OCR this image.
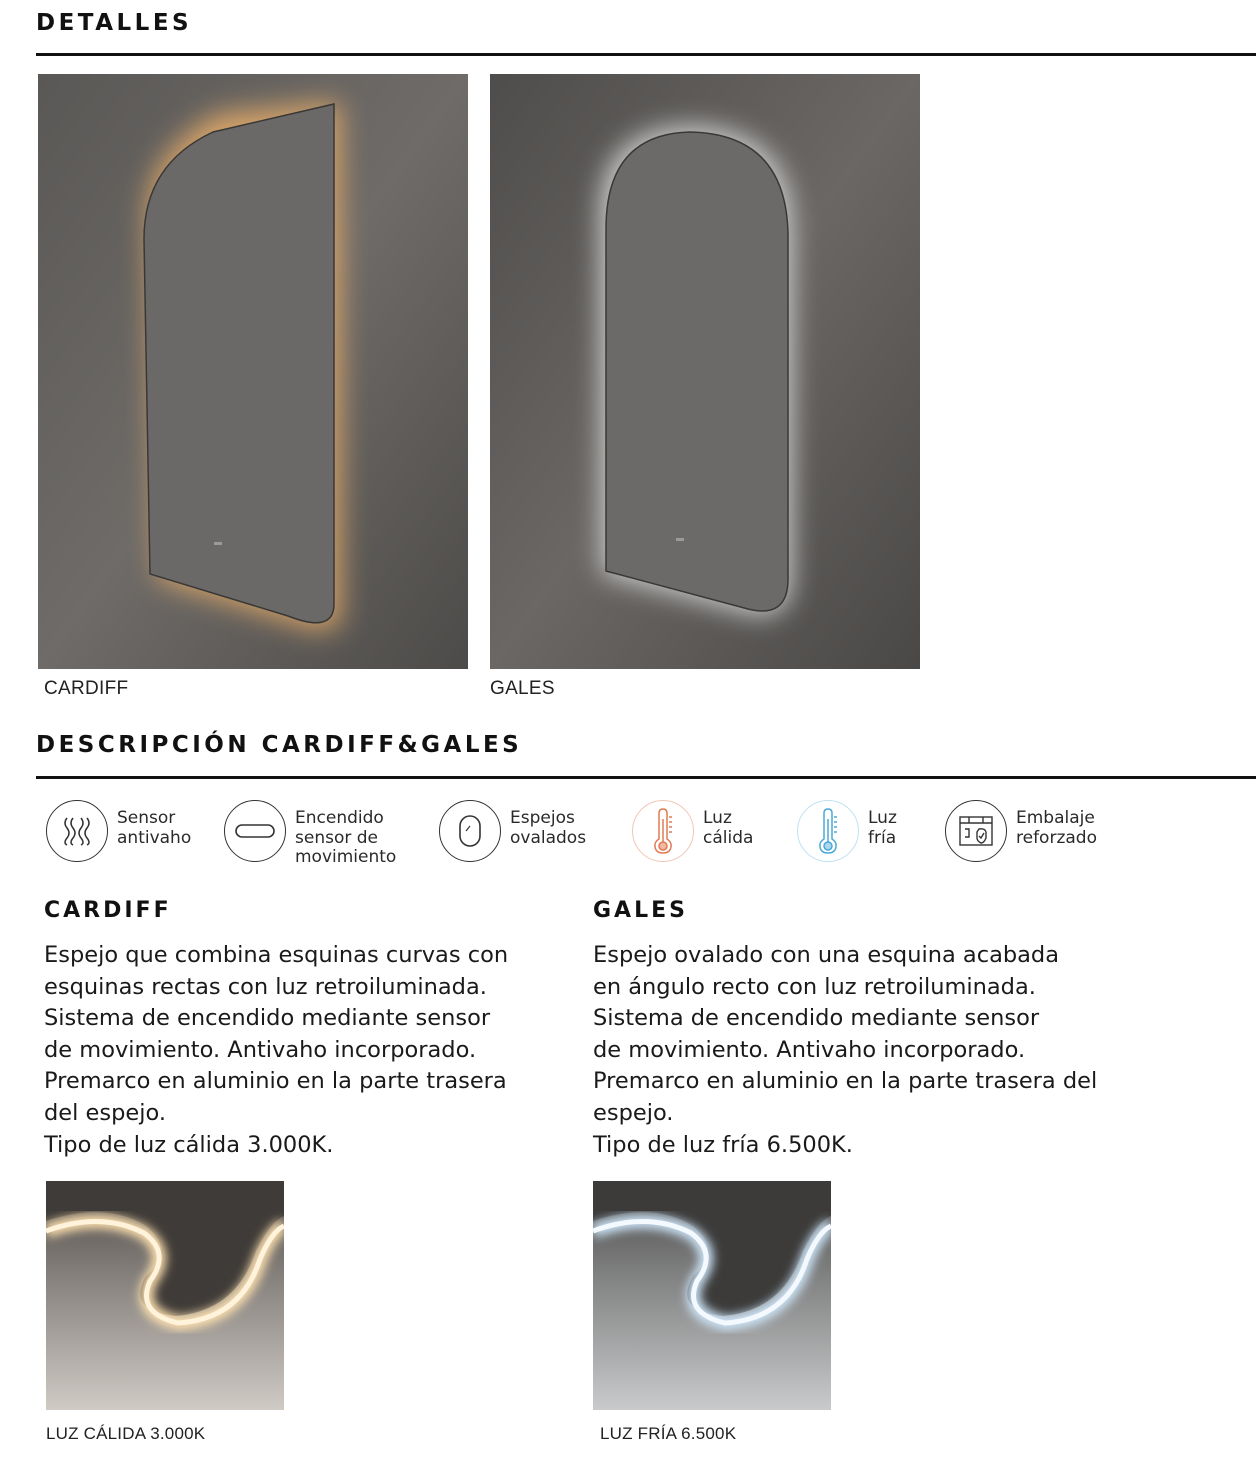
DETALLES
CARDIFF	GALES
DESCRIPCIÓN CARDIFF&GALES
Sensor
antivaho
Encendido
sensor de
movimiento
Espejos
ovalados
Luz
cálida
Luz
fría
Embalaje
reforzado
CARDIFF
Espejo que combina esquinas curvas con
esquinas rectas con luz retroiluminada.
Sistema de encendido mediante sensor
de movimiento. Antivaho incorporado.
Premarco en aluminio en la parte trasera
del espejo.
Tipo de luz cálida 3.000K.
GALES
Espejo ovalado con una esquina acabada
en ángulo recto con luz retroiluminada.
Sistema de encendido mediante sensor
de movimiento. Antivaho incorporado.
Premarco en aluminio en la parte trasera del
espejo.
Tipo de luz fría 6.500K.
LUZ CÁLIDA 3.000K	LUZ FRÍA 6.500K
